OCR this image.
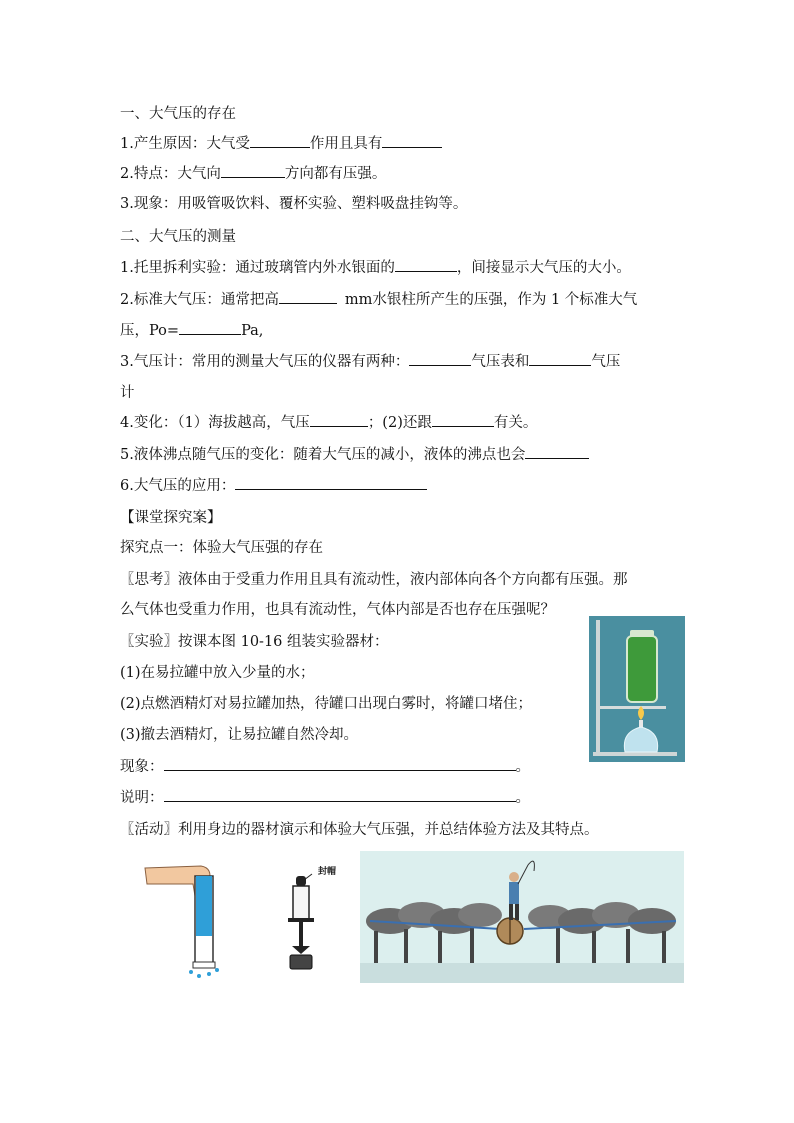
一、大气压的存在
1.产生原因：大气受	作用且具有
2.特点：大气向	方向都有压强。
3.现象：用吸管吸饮料、覆杯实验、塑料吸盘挂钩等。
二、大气压的测量
1.托里拆利实验：通过玻璃管内外水银面的	，间接显示大气压的大小。
2.标准大气压：通常把高	mm水银柱所产生的压强，作为 1 个标准大气
压，Po=	Pa,
3.气压计：常用的测量大气压的仪器有两种：	气压表和	气压
计
4.变化：（1）海拔越高，气压	；(2)还跟	有关。
5.液体沸点随气压的变化：随着大气压的减小，液体的沸点也会
6.大气压的应用：
【课堂探究案】
探究点一：体验大气压强的存在
〖思考〗液体由于受重力作用且具有流动性，液内部体向各个方向都有压强。那
么气体也受重力作用，也具有流动性，气体内部是否也存在压强呢？
〖实验〗按课本图 10-16 组装实验器材：
(1)在易拉罐中放入少量的水；
(2)点燃酒精灯对易拉罐加热，待罐口出现白雾时，将罐口堵住；
(3)撤去酒精灯，让易拉罐自然冷却。
现象：	。
说明：	。
〖活动〗利用身边的器材演示和体验大气压强，并总结体验方法及其特点。
封帽
